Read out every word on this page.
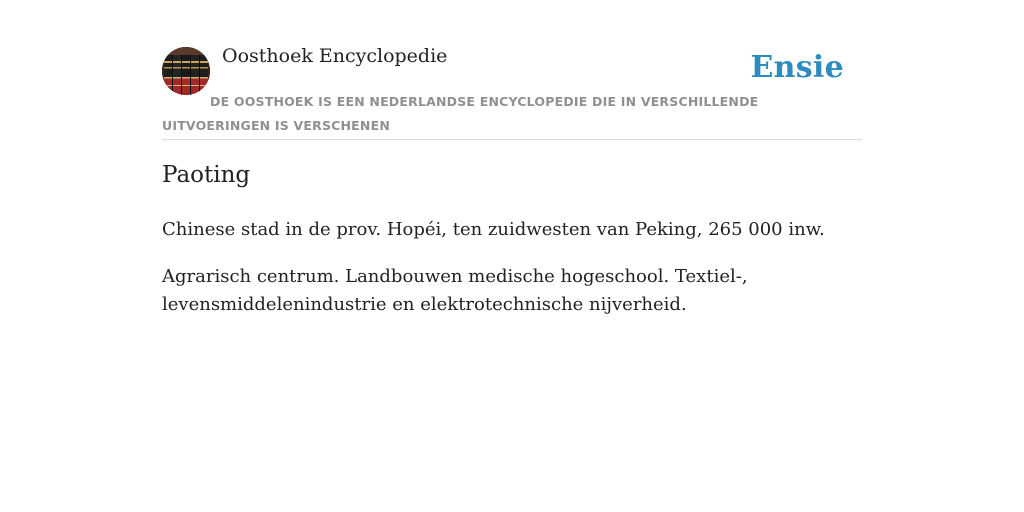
Oosthoek Encyclopedie	Ensie

DE OOSTHOEK IS EEN NEDERLANDSE ENCYCLOPEDIE DIE IN VERSCHILLENDE UITVOERINGEN IS VERSCHENEN

Paoting

Chinese stad in de prov. Hopéi, ten zuidwesten van Peking, 265 000 inw.

Agrarisch centrum. Landbouwen medische hogeschool. Textiel-, levensmiddelenindustrie en elektrotechnische nijverheid.
